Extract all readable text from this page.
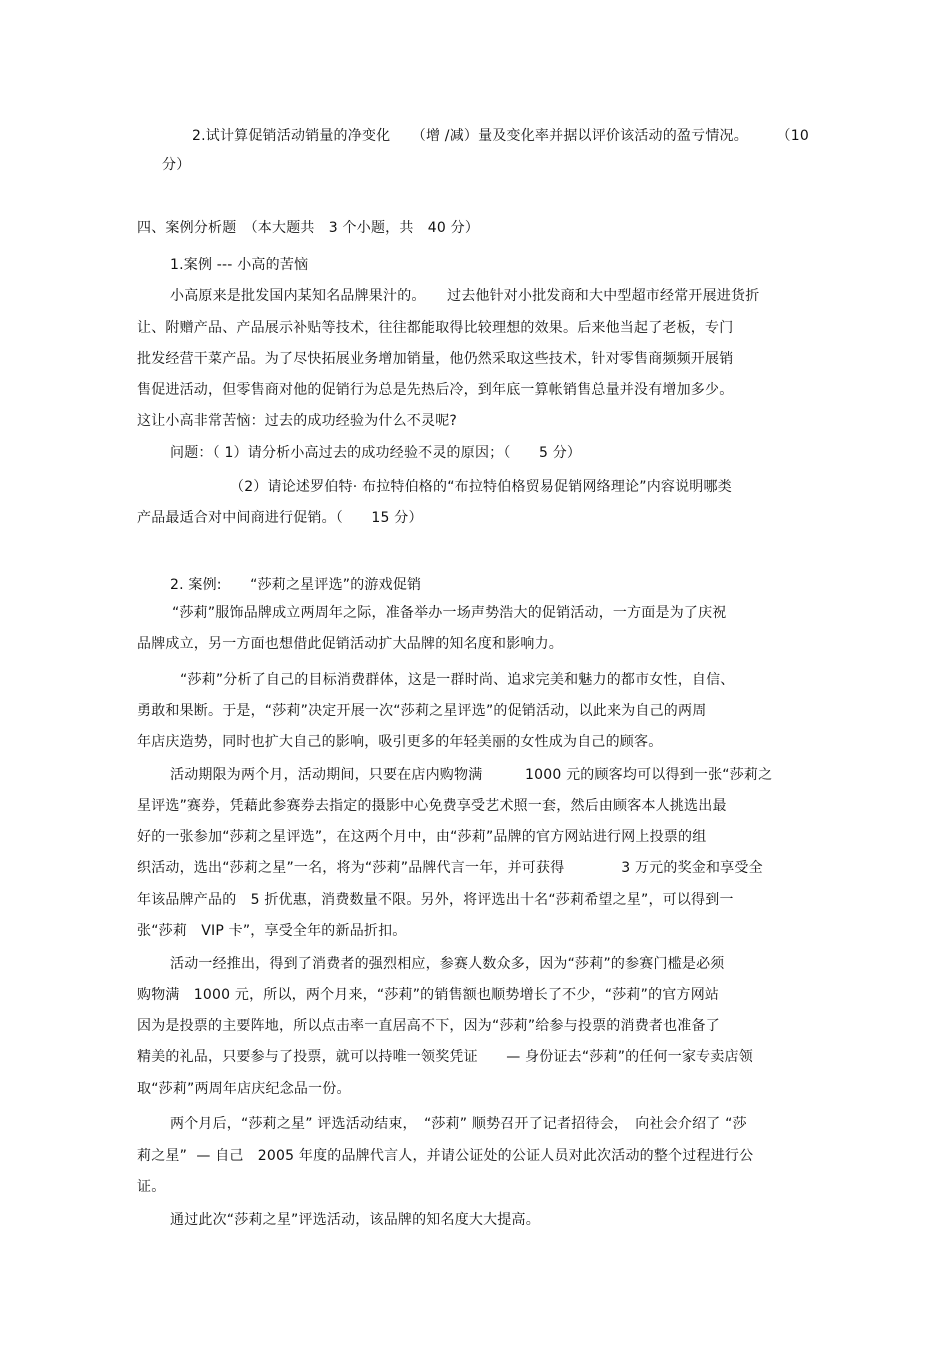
2.试计算促销活动销量的净变化　　（增 /减）量及变化率并据以评价该活动的盈亏情况。　　　（10
分）
四、案例分析题　（本大题共　3 个小题，共　40 分）
1.案例 --- 小高的苦恼
小高原来是批发国内某知名品牌果汁的。　　过去他针对小批发商和大中型超市经常开展进货折
让、附赠产品、产品展示补贴等技术，往往都能取得比较理想的效果。后来他当起了老板，专门
批发经营干菜产品。为了尽快拓展业务增加销量，他仍然采取这些技术，针对零售商频频开展销
售促进活动，但零售商对他的促销行为总是先热后冷，到年底一算帐销售总量并没有增加多少。
这让小高非常苦恼：过去的成功经验为什么不灵呢?
问题：（ 1）请分析小高过去的成功经验不灵的原因；（　　5 分）
（2）请论述罗伯特· 布拉特伯格的“布拉特伯格贸易促销网络理论”内容说明哪类
产品最适合对中间商进行促销。（　　15 分）
2. 案例:　　“莎莉之星评选”的游戏促销
“莎莉”服饰品牌成立两周年之际，准备举办一场声势浩大的促销活动，一方面是为了庆祝
品牌成立，另一方面也想借此促销活动扩大品牌的知名度和影响力。
“莎莉”分析了自己的目标消费群体，这是一群时尚、追求完美和魅力的都市女性，自信、
勇敢和果断。于是，“莎莉”决定开展一次“莎莉之星评选”的促销活动，以此来为自己的两周
年店庆造势，同时也扩大自己的影响，吸引更多的年轻美丽的女性成为自己的顾客。
活动期限为两个月，活动期间，只要在店内购物满　　　1000 元的顾客均可以得到一张“莎莉之
星评选”赛券，凭藉此参赛券去指定的摄影中心免费享受艺术照一套，然后由顾客本人挑选出最
好的一张参加“莎莉之星评选”，在这两个月中，由“莎莉”品牌的官方网站进行网上投票的组
织活动，选出“莎莉之星”一名，将为“莎莉”品牌代言一年，并可获得　　　　3 万元的奖金和享受全
年该品牌产品的　5 折优惠，消费数量不限。另外，将评选出十名“莎莉希望之星”，可以得到一
张“莎莉　VIP 卡”，享受全年的新品折扣。
活动一经推出，得到了消费者的强烈相应，参赛人数众多，因为“莎莉”的参赛门槛是必须
购物满　1000 元，所以，两个月来，“莎莉”的销售额也顺势增长了不少，“莎莉”的官方网站
因为是投票的主要阵地，所以点击率一直居高不下，因为“莎莉”给参与投票的消费者也准备了
精美的礼品，只要参与了投票，就可以持唯一领奖凭证　　— 身份证去“莎莉”的任何一家专卖店领
取“莎莉”两周年店庆纪念品一份。
两个月后，“莎莉之星” 评选活动结束，　“莎莉” 顺势召开了记者招待会，　向社会介绍了 “莎
莉之星”  — 自己　2005 年度的品牌代言人，并请公证处的公证人员对此次活动的整个过程进行公
证。
通过此次“莎莉之星”评选活动，该品牌的知名度大大提高。
